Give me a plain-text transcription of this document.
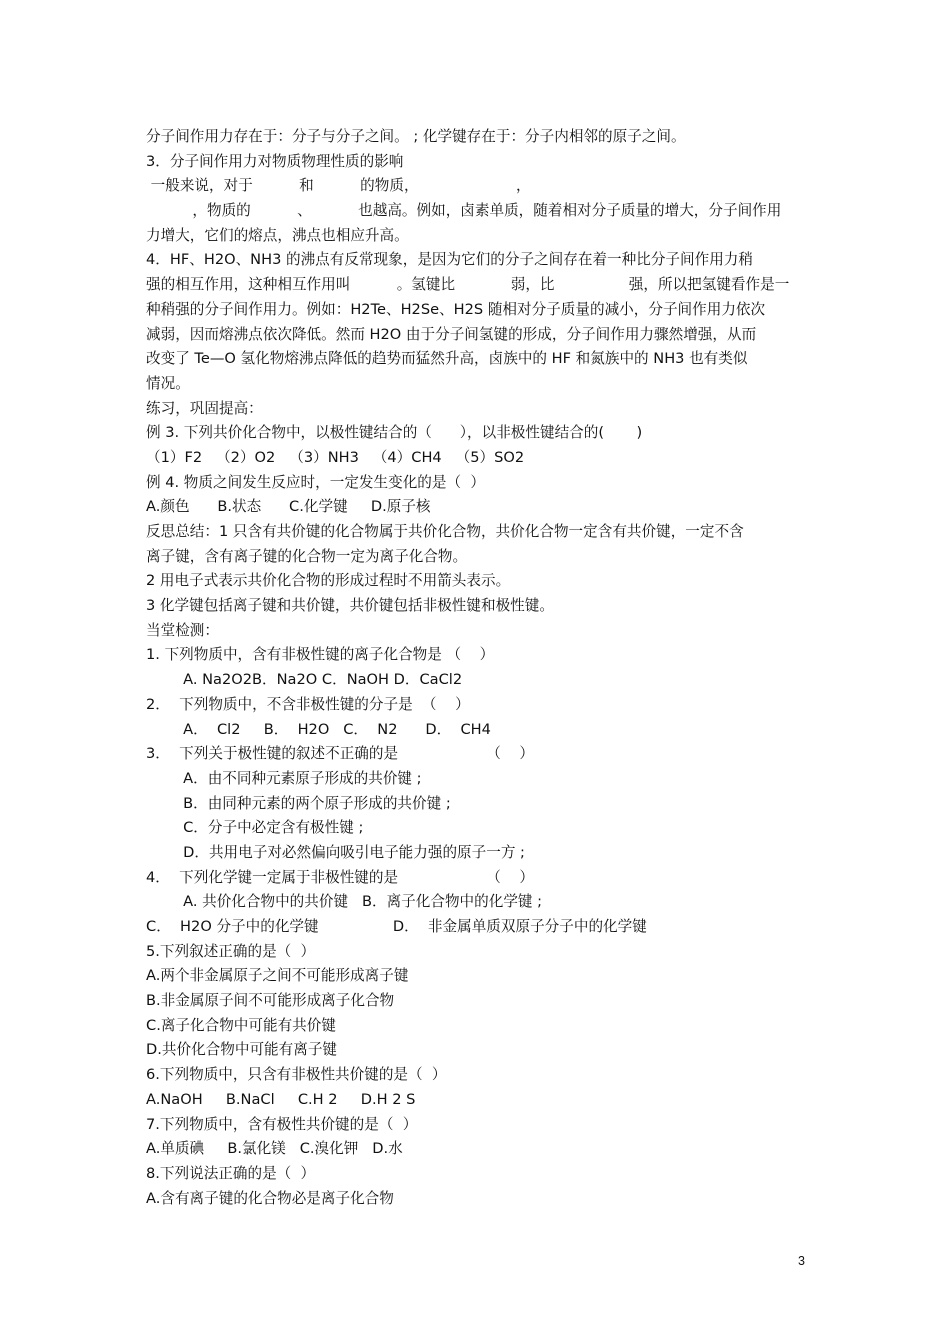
分子间作用力存在于：分子与分子之间。 ; 化学键存在于：分子内相邻的原子之间。
3．分子间作用力对物质物理性质的影响
一般来说，对于          和          的物质，                     ，
，物质的          、          也越高。例如，卤素单质，随着相对分子质量的增大，分子间作用
力增大，它们的熔点，沸点也相应升高。
4．HF、H2O、NH3 的沸点有反常现象，是因为它们的分子之间存在着一种比分子间作用力稍
强的相互作用，这种相互作用叫          。氢键比            弱，比                强，所以把氢键看作是一
种稍强的分子间作用力。例如：H2Te、H2Se、H2S 随相对分子质量的减小，分子间作用力依次
减弱，因而熔沸点依次降低。然而 H2O 由于分子间氢键的形成，分子间作用力骤然增强，从而
改变了 Te—O 氢化物熔沸点降低的趋势而猛然升高，卤族中的 HF 和氮族中的 NH3 也有类似
情况。
练习，巩固提高：
例 3. 下列共价化合物中，以极性键结合的（      ），以非极性键结合的(       )
（1）F2   （2）O2   （3）NH3   （4）CH4   （5）SO2
例 4. 物质之间发生反应时，一定发生变化的是（  ）
A.颜色      B.状态      C.化学键     D.原子核
反思总结：1 只含有共价键的化合物属于共价化合物，共价化合物一定含有共价键，一定不含
离子键，含有离子键的化合物一定为离子化合物。
2 用电子式表示共价化合物的形成过程时不用箭头表示。
3 化学键包括离子键和共价键，共价键包括非极性键和极性键。
当堂检测：
1. 下列物质中，含有非极性键的离子化合物是 （    ）
A. Na2O2B．Na2O C．NaOH D．CaCl2
2．  下列物质中，不含非极性键的分子是  （    ）
A．  Cl2     B．  H2O   C．  N2      D．  CH4
3．  下列关于极性键的叙述不正确的是                   （    ）
A．由不同种元素原子形成的共价键 ;
B．由同种元素的两个原子形成的共价键 ;
C．分子中必定含有极性键 ;
D．共用电子对必然偏向吸引电子能力强的原子一方 ;
4．  下列化学键一定属于非极性键的是                   （    ）
A. 共价化合物中的共价键   B．离子化合物中的化学键 ;
C．  H2O 分子中的化学键                D．  非金属单质双原子分子中的化学键
5.下列叙述正确的是（  ）
A.两个非金属原子之间不可能形成离子键
B.非金属原子间不可能形成离子化合物
C.离子化合物中可能有共价键
D.共价化合物中可能有离子键
6.下列物质中，只含有非极性共价键的是（  ）
A.NaOH     B.NaCl     C.H 2     D.H 2 S
7.下列物质中，含有极性共价键的是（  ）
A.单质碘     B.氯化镁   C.溴化钾   D.水
8.下列说法正确的是（  ）
A.含有离子键的化合物必是离子化合物
3
